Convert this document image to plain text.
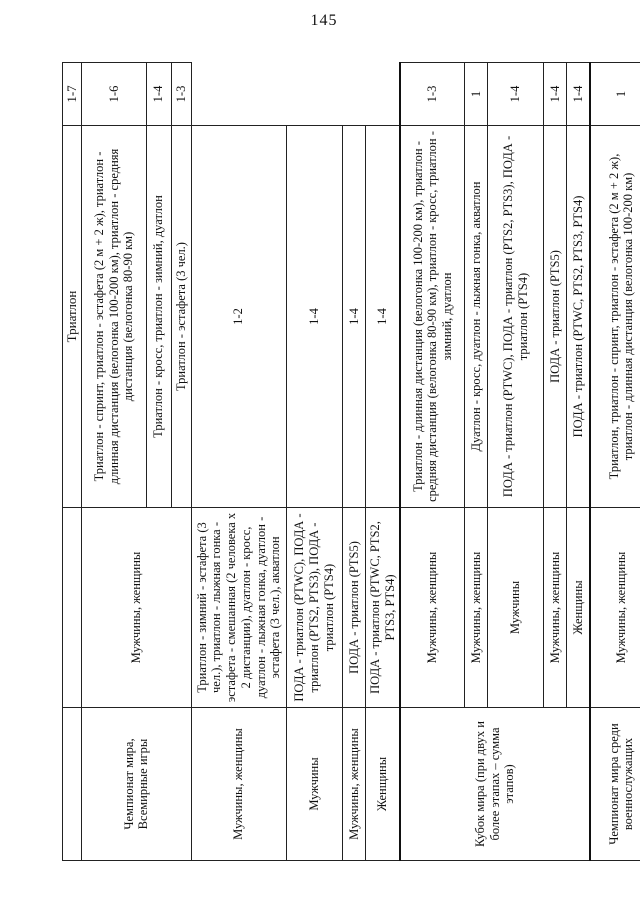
145
		Триатлон	1-7
Чемпионат мира, Всемирные игры	Мужчины, женщины	Триатлон - спринт, триатлон - эстафета (2 м + 2 ж), триатлон - длинная дистанция (велогонка 100-200 км), триатлон - средняя дистанция (велогонка 80-90 км)	1-6
		Триатлон - кросс, триатлон - зимний, дуатлон	1-4
		Триатлон - эстафета (3 чел.)	1-3
Мужчины, женщины	Триатлон - зимний - эстафета (3 чел.), триатлон - лыжная гонка - эстафета - смешанная (2 человека х 2 дистанции), дуатлон - кросс, дуатлон - лыжная гонка, дуатлон - эстафета (3 чел.), акватлон	1-2	
Мужчины	ПОДА - триатлон (PTWC), ПОДА - триатлон (PTS2, PTS3), ПОДА - триатлон (PTS4)	1-4	
Мужчины, женщины	ПОДА - триатлон (PTS5)	1-4	
Женщины	ПОДА - триатлон (PTWC, PTS2, PTS3, PTS4)	1-4	
Кубок мира (при двух и более этапах – сумма этапов)	Мужчины, женщины	Триатлон - длинная дистанция (велогонка 100-200 км), триатлон - средняя дистанция (велогонка 80-90 км), триатлон - кросс, триатлон - зимний, дуатлон	1-3
	Мужчины, женщины	Дуатлон - кросс, дуатлон - лыжная гонка, акватлон	1
	Мужчины	ПОДА - триатлон (PTWC), ПОДА - триатлон (PTS2, PTS3), ПОДА - триатлон (PTS4)	1-4
	Мужчины, женщины	ПОДА - триатлон (PTS5)	1-4
	Женщины	ПОДА - триатлон (PTWC, PTS2, PTS3, PTS4)	1-4
Чемпионат мира среди военнослужащих	Мужчины, женщины	Триатлон, триатлон - спринт, триатлон - эстафета (2 м + 2 ж), триатлон - длинная дистанция (велогонка 100-200 км)	1
